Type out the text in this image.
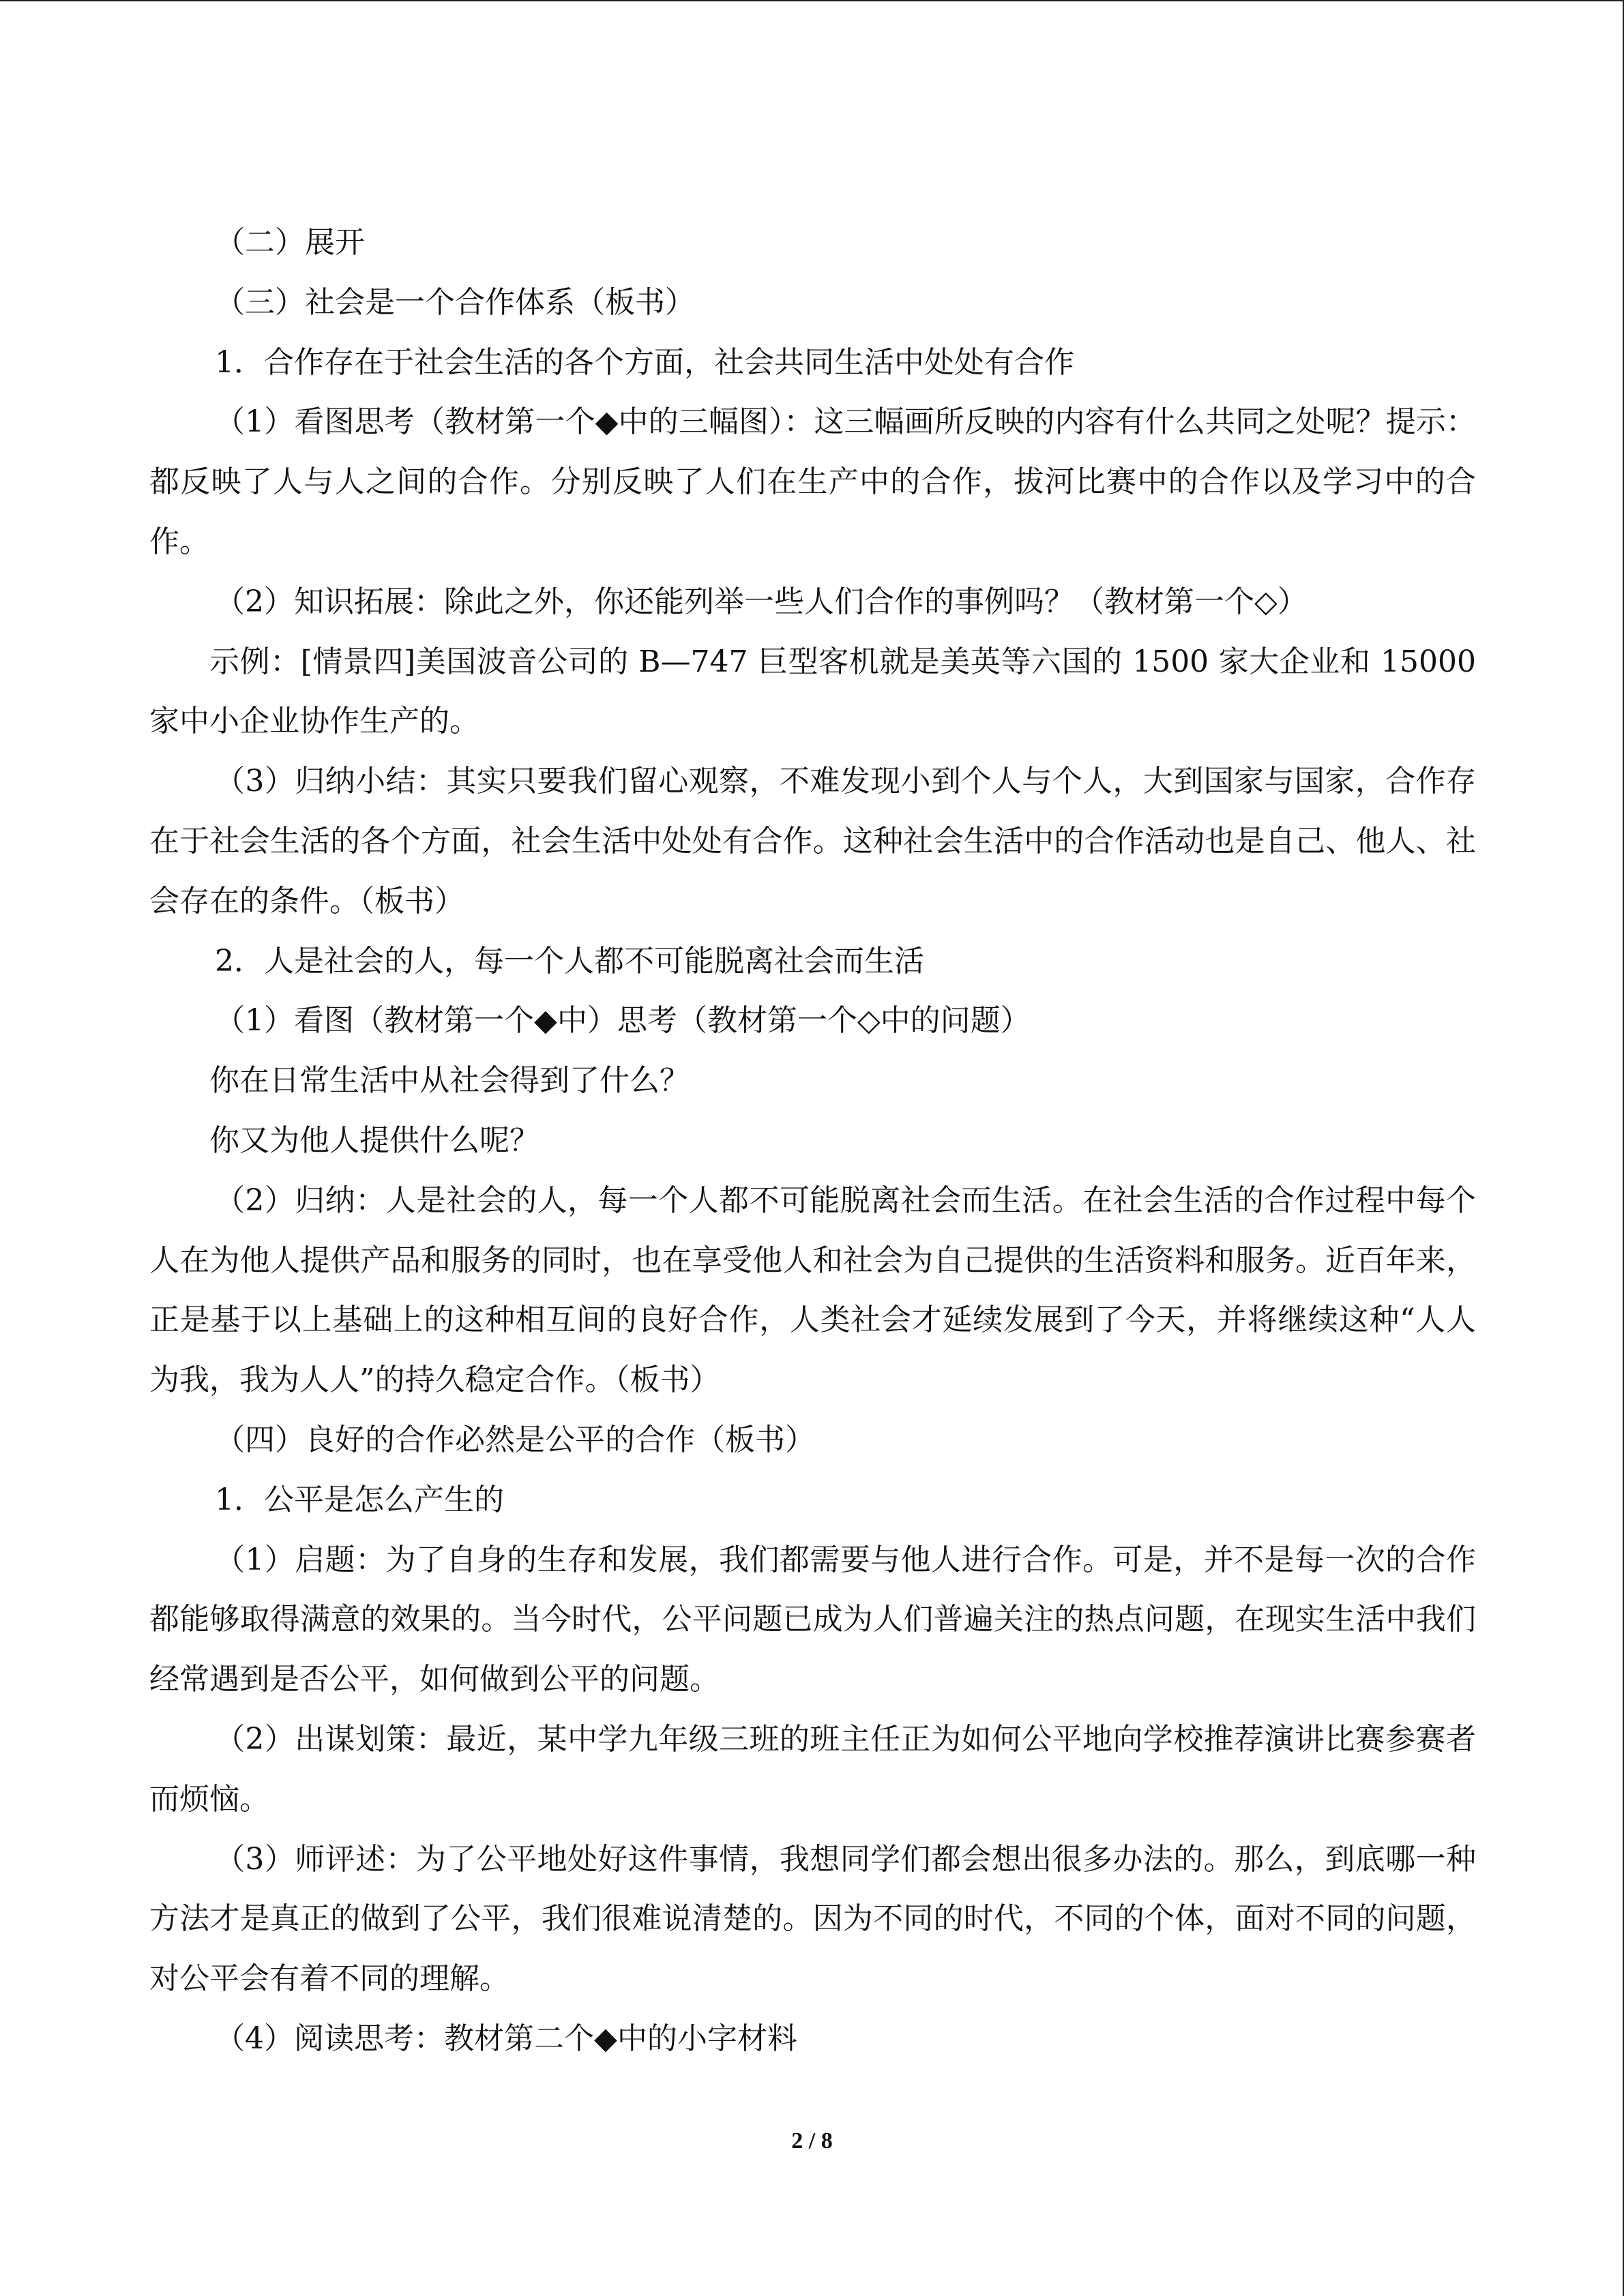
（二）展开

（三）社会是一个合作体系（板书）

1．合作存在于社会生活的各个方面，社会共同生活中处处有合作

（1）看图思考（教材第一个◆中的三幅图）：这三幅画所反映的内容有什么共同之处呢？提示：都反映了人与人之间的合作。分别反映了人们在生产中的合作，拔河比赛中的合作以及学习中的合作。

（2）知识拓展：除此之外，你还能列举一些人们合作的事例吗？（教材第一个◇）

示例：[情景四]美国波音公司的 B—747 巨型客机就是美英等六国的 1500 家大企业和 15000 家中小企业协作生产的。

（3）归纳小结：其实只要我们留心观察，不难发现小到个人与个人，大到国家与国家，合作存在于社会生活的各个方面，社会生活中处处有合作。这种社会生活中的合作活动也是自己、他人、社会存在的条件。（板书）

2．人是社会的人，每一个人都不可能脱离社会而生活

（1）看图（教材第一个◆中）思考（教材第一个◇中的问题）

你在日常生活中从社会得到了什么？

你又为他人提供什么呢？

（2）归纳：人是社会的人，每一个人都不可能脱离社会而生活。在社会生活的合作过程中每个人在为他人提供产品和服务的同时，也在享受他人和社会为自己提供的生活资料和服务。近百年来，正是基于以上基础上的这种相互间的良好合作，人类社会才延续发展到了今天，并将继续这种“人人为我，我为人人”的持久稳定合作。（板书）

（四）良好的合作必然是公平的合作（板书）

1．公平是怎么产生的

（1）启题：为了自身的生存和发展，我们都需要与他人进行合作。可是，并不是每一次的合作都能够取得满意的效果的。当今时代，公平问题已成为人们普遍关注的热点问题，在现实生活中我们经常遇到是否公平，如何做到公平的问题。

（2）出谋划策：最近，某中学九年级三班的班主任正为如何公平地向学校推荐演讲比赛参赛者而烦恼。

（3）师评述：为了公平地处好这件事情，我想同学们都会想出很多办法的。那么，到底哪一种方法才是真正的做到了公平，我们很难说清楚的。因为不同的时代，不同的个体，面对不同的问题，对公平会有着不同的理解。

（4）阅读思考：教材第二个◆中的小字材料

2 / 8
